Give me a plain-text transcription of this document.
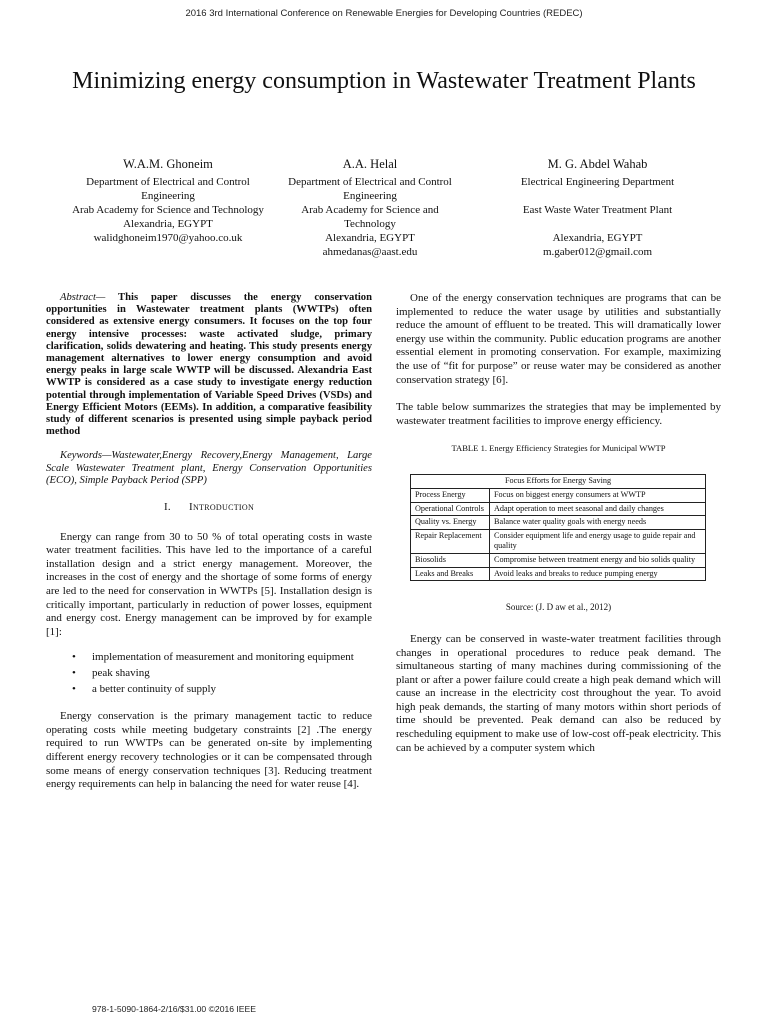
2016 3rd International Conference on Renewable Energies for Developing Countries (REDEC)
Minimizing energy consumption in Wastewater Treatment Plants
W.A.M. Ghoneim
Department of Electrical and Control Engineering
Arab Academy for Science and Technology
Alexandria, EGYPT
walidghoneim1970@yahoo.co.uk
A.A. Helal
Department of Electrical and Control Engineering
Arab Academy for Science and Technology
Alexandria, EGYPT
ahmedanas@aast.edu
M. G. Abdel Wahab
Electrical Engineering Department
East Waste Water Treatment Plant
Alexandria, EGYPT
m.gaber012@gmail.com

Abstract— This paper discusses the energy conservation opportunities in Wastewater treatment plants (WWTPs) often considered as extensive energy consumers. It focuses on the top four energy intensive processes: waste activated sludge, primary clarification, solids dewatering and heating. This study presents energy management alternatives to lower energy consumption and avoid energy peaks in large scale WWTP will be discussed. Alexandria East WWTP is considered as a case study to investigate energy reduction potential through implementation of Variable Speed Drives (VSDs) and Energy Efficient Motors (EEMs). In addition, a comparative feasibility study of different scenarios is presented using simple payback period method

Keywords—Wastewater,Energy Recovery,Energy Management, Large Scale Wastewater Treatment plant, Energy Conservation Opportunities (ECO), Simple Payback Period (SPP)

I. Introduction

Energy can range from 30 to 50 % of total operating costs in waste water treatment facilities. This have led to the importance of a careful installation design and a strict energy management. Moreover, the increases in the cost of energy and the shortage of some forms of energy are led to the need for conservation in WWTPs [5]. Installation design is critically important, particularly in reduction of power losses, equipment and energy cost. Energy management can be improved by for example [1]:

• implementation of measurement and monitoring equipment
• peak shaving
• a better continuity of supply

Energy conservation is the primary management tactic to reduce operating costs while meeting budgetary constraints [2] .The energy required to run WWTPs can be generated on-site by implementing different energy recovery technologies or it can be compensated through some means of energy conservation techniques [3]. Reducing treatment energy requirements can help in balancing the need for water reuse [4].

One of the energy conservation techniques are programs that can be implemented to reduce the water usage by utilities and substantially reduce the amount of effluent to be treated. This will dramatically lower energy use within the community. Public education programs are another essential element in promoting conservation. For example, maximizing the use of “fit for purpose” or reuse water may be considered as another conservation strategy [6].

The table below summarizes the strategies that may be implemented by wastewater treatment facilities to improve energy efficiency.

TABLE 1. Energy Efficiency Strategies for Municipal WWTP
Focus Efforts for Energy Saving	
Process Energy	Focus on biggest energy consumers at WWTP
Operational Controls	Adapt operation to meet seasonal and daily changes
Quality vs. Energy	Balance water quality goals with energy needs
Repair Replacement	Consider equipment life and energy usage to guide repair and quality
Biosolids	Compromise between treatment energy and bio solids quality
Leaks and Breaks	Avoid leaks and breaks to reduce pumping energy
Source: (J. D aw et al., 2012)

Energy can be conserved in waste-water treatment facilities through changes in operational procedures to reduce peak demand. The simultaneous starting of many machines during commissioning of the plant or after a power failure could create a high peak demand which will cause an increase in the electricity cost throughout the year. To avoid high peak demands, the starting of many motors within short periods of time should be prevented. Peak demand can also be reduced by rescheduling equipment to make use of low-cost off-peak electricity. This can be achieved by a computer system which

978-1-5090-1864-2/16/$31.00 ©2016 IEEE
